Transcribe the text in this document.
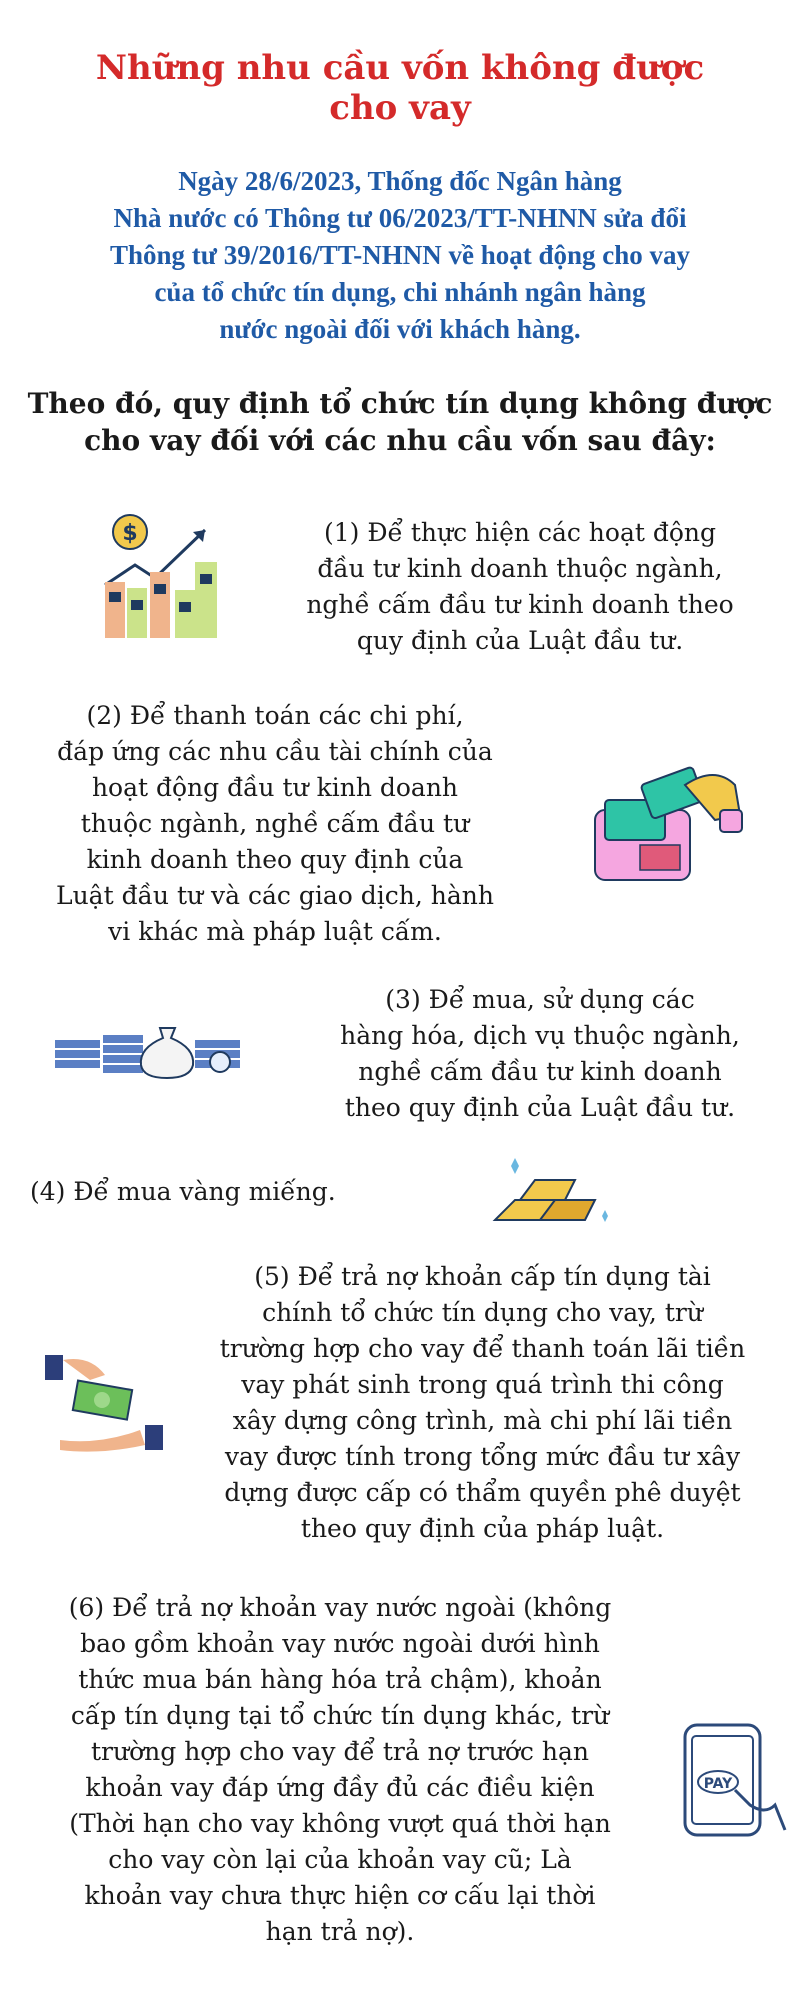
Những nhu cầu vốn không được
cho vay
Ngày 28/6/2023, Thống đốc Ngân hàng
Nhà nước có Thông tư 06/2023/TT-NHNN sửa đổi
Thông tư 39/2016/TT-NHNN về hoạt động cho vay
của tổ chức tín dụng, chi nhánh ngân hàng
nước ngoài đối với khách hàng.
Theo đó, quy định tổ chức tín dụng không được
cho vay đối với các nhu cầu vốn sau đây:
$	(1) Để thực hiện các hoạt động
đầu tư kinh doanh thuộc ngành,
nghề cấm đầu tư kinh doanh theo
quy định của Luật đầu tư.
(2) Để thanh toán các chi phí,
đáp ứng các nhu cầu tài chính của
hoạt động đầu tư kinh doanh
thuộc ngành, nghề cấm đầu tư
kinh doanh theo quy định của
Luật đầu tư và các giao dịch, hành
vi khác mà pháp luật cấm.
(3) Để mua, sử dụng các
hàng hóa, dịch vụ thuộc ngành,
nghề cấm đầu tư kinh doanh
theo quy định của Luật đầu tư.
(4) Để mua vàng miếng.
(5) Để trả nợ khoản cấp tín dụng tài
chính tổ chức tín dụng cho vay, trừ
trường hợp cho vay để thanh toán lãi tiền
vay phát sinh trong quá trình thi công
xây dựng công trình, mà chi phí lãi tiền
vay được tính trong tổng mức đầu tư xây
dựng được cấp có thẩm quyền phê duyệt
theo quy định của pháp luật.
(6) Để trả nợ khoản vay nước ngoài (không
bao gồm khoản vay nước ngoài dưới hình
thức mua bán hàng hóa trả chậm), khoản
cấp tín dụng tại tổ chức tín dụng khác, trừ
trường hợp cho vay để trả nợ trước hạn
khoản vay đáp ứng đầy đủ các điều kiện
(Thời hạn cho vay không vượt quá thời hạn
cho vay còn lại của khoản vay cũ; Là
khoản vay chưa thực hiện cơ cấu lại thời
hạn trả nợ).
PAY
